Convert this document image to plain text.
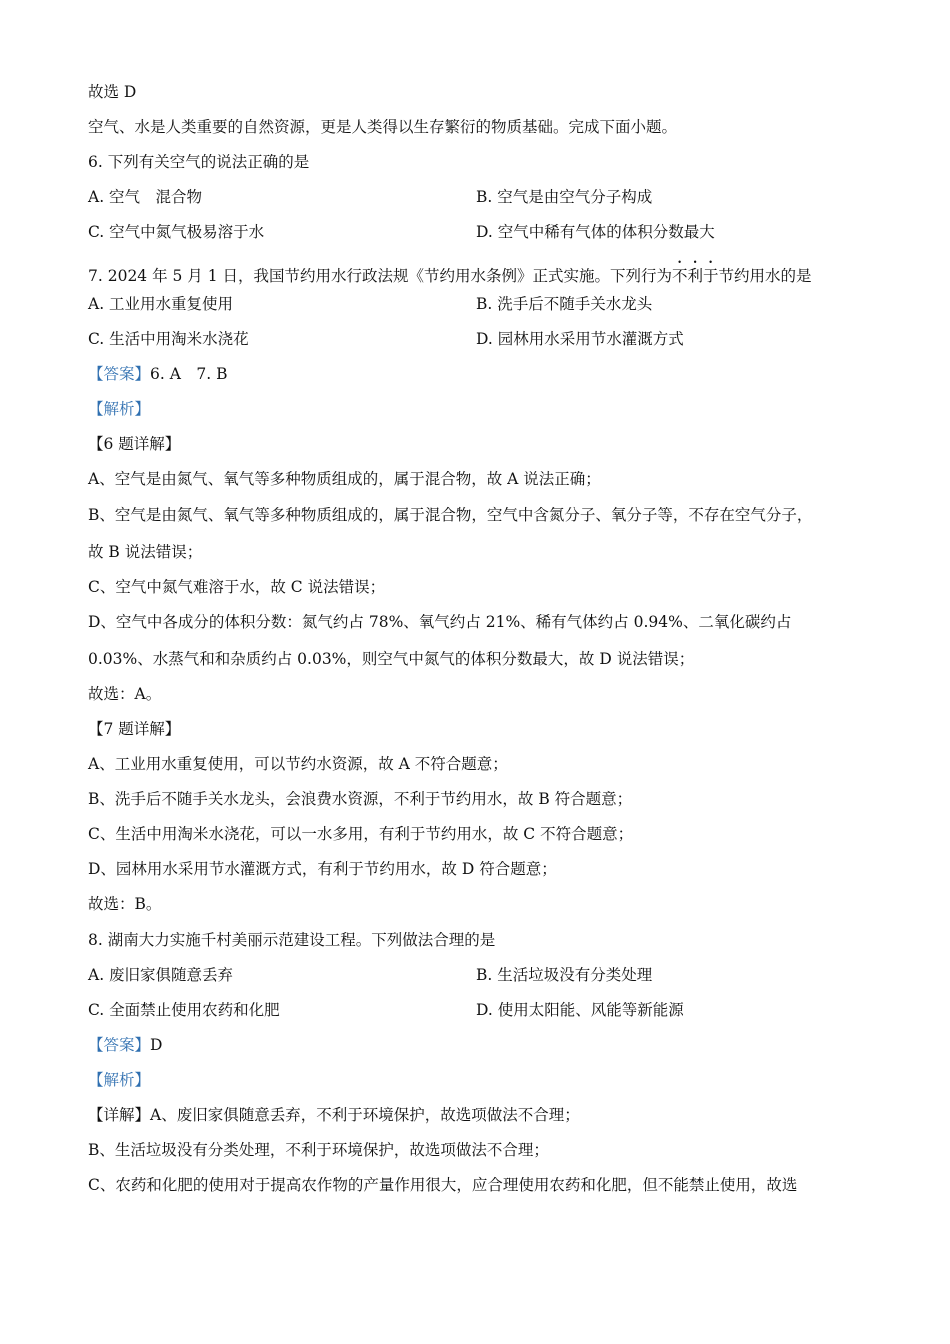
故选 D
空气、水是人类重要的自然资源，更是人类得以生存繁衍的物质基础。完成下面小题。
6. 下列有关空气的说法正确的是
A. 空气　混合物	B. 空气是由空气分子构成
C. 空气中氮气极易溶于水	D. 空气中稀有气体的体积分数最大
7. 2024 年 5 月 1 日，我国节约用水行政法规《节约用水条例》正式实施。下列行为不利于节约用水的是
A. 工业用水重复使用	B. 洗手后不随手关水龙头
C. 生活中用淘米水浇花	D. 园林用水采用节水灌溉方式
【答案】6. A　7. B
【解析】
【6 题详解】
A、空气是由氮气、氧气等多种物质组成的，属于混合物，故 A 说法正确；
B、空气是由氮气、氧气等多种物质组成的，属于混合物，空气中含氮分子、氧分子等，不存在空气分子，
故 B 说法错误；
C、空气中氮气难溶于水，故 C 说法错误；
D、空气中各成分的体积分数：氮气约占 78%、氧气约占 21%、稀有气体约占 0.94%、二氧化碳约占
0.03%、水蒸气和和杂质约占 0.03%，则空气中氮气的体积分数最大，故 D 说法错误；
故选：A。
【7 题详解】
A、工业用水重复使用，可以节约水资源，故 A 不符合题意；
B、洗手后不随手关水龙头，会浪费水资源，不利于节约用水，故 B 符合题意；
C、生活中用淘米水浇花，可以一水多用，有利于节约用水，故 C 不符合题意；
D、园林用水采用节水灌溉方式，有利于节约用水，故 D 符合题意；
故选：B。
8. 湖南大力实施千村美丽示范建设工程。下列做法合理的是
A. 废旧家俱随意丢弃	B. 生活垃圾没有分类处理
C. 全面禁止使用农药和化肥	D. 使用太阳能、风能等新能源
【答案】D
【解析】
【详解】A、废旧家俱随意丢弃，不利于环境保护，故选项做法不合理；
B、生活垃圾没有分类处理，不利于环境保护，故选项做法不合理；
C、农药和化肥的使用对于提高农作物的产量作用很大，应合理使用农药和化肥，但不能禁止使用，故选
